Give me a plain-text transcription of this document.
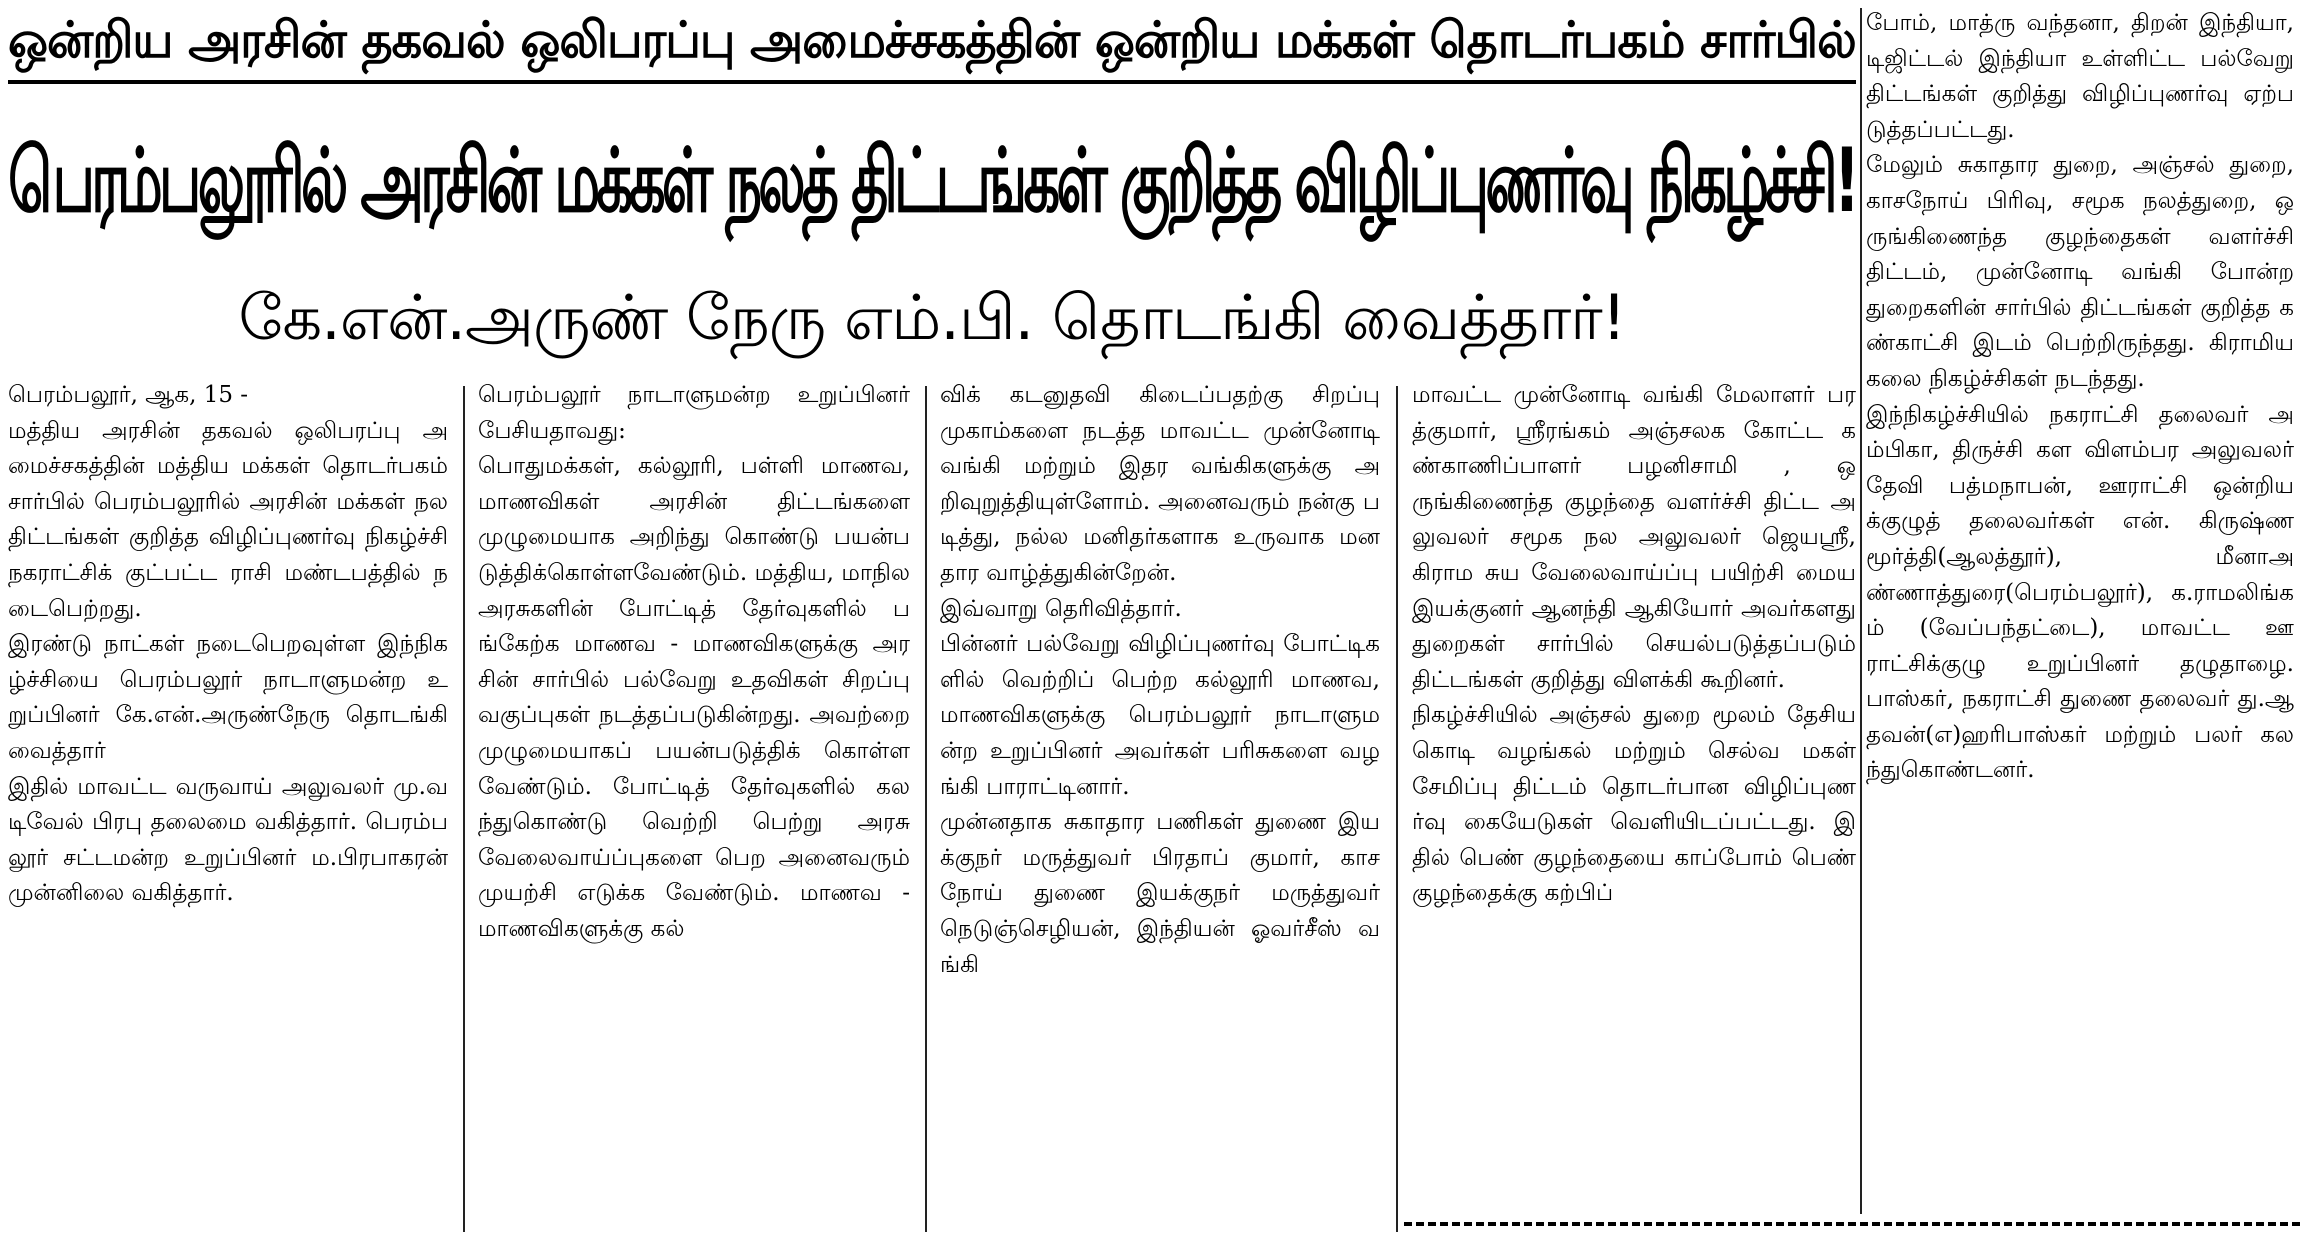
ஒன்றிய அரசின் தகவல் ஒலிபரப்பு அமைச்சகத்தின் ஒன்றிய மக்கள் தொடர்பகம் சார்பில்
பெரம்பலூரில் அரசின் மக்கள் நலத் திட்டங்கள் குறித்த விழிப்புணர்வு நிகழ்ச்சி!
கே.என்.அருண் நேரு எம்.பி. தொடங்கி வைத்தார்!
பெரம்பலூர், ஆக, 15 -
மத்திய அரசின் தகவல் ஒலிபரப்பு அமைச்சகத்தின் மத்திய மக்கள் தொடர்பகம் சார்பில் பெரம்பலூரில் அரசின் மக்கள் நல திட்டங்கள் குறித்த விழிப்புணர்வு நிகழ்ச்சி நகராட்சிக் குட்பட்ட ராசி மண்டபத்தில் நடைபெற்றது.
இரண்டு நாட்கள் நடைபெறவுள்ள இந்நிகழ்ச்சியை பெரம்பலூர் நாடாளுமன்ற உறுப்பினர் கே.என்.அருண்நேரு தொடங்கி வைத்தார்
இதில் மாவட்ட வருவாய் அலுவலர் மு.வடிவேல் பிரபு தலைமை வகித்தார். பெரம்பலூர் சட்டமன்ற உறுப்பினர் ம.பிரபாகரன் முன்னிலை வகித்தார்.
பெரம்பலூர் நாடாளுமன்ற உறுப்பினர் பேசியதாவது:
பொதுமக்கள், கல்லூரி, பள்ளி மாணவ, மாணவிகள் அரசின் திட்டங்களை முழுமையாக அறிந்து கொண்டு பயன்படுத்திக்கொள்ளவேண்டும். மத்திய, மாநில அரசுகளின் போட்டித் தேர்வுகளில் பங்கேற்க மாணவ - மாணவிகளுக்கு அரசின் சார்பில் பல்வேறு உதவிகள் சிறப்பு வகுப்புகள் நடத்தப்படுகின்றது. அவற்றை முழுமையாகப் பயன்படுத்திக் கொள்ள வேண்டும். போட்டித் தேர்வுகளில் கலந்துகொண்டு வெற்றி பெற்று அரசு வேலைவாய்ப்புகளை பெற அனைவரும் முயற்சி எடுக்க வேண்டும். மாணவ - மாணவிகளுக்கு கல்
விக் கடனுதவி கிடைப்பதற்கு சிறப்பு முகாம்களை நடத்த மாவட்ட முன்னோடி வங்கி மற்றும் இதர வங்கிகளுக்கு அறிவுறுத்தியுள்ளோம். அனைவரும் நன்கு படித்து, நல்ல மனிதர்களாக உருவாக மனதார வாழ்த்துகின்றேன்.
இவ்வாறு தெரிவித்தார்.
பின்னர் பல்வேறு விழிப்புணர்வு போட்டிகளில் வெற்றிப் பெற்ற கல்லூரி மாணவ, மாணவிகளுக்கு பெரம்பலூர் நாடாளுமன்ற உறுப்பினர் அவர்கள் பரிசுகளை வழங்கி பாராட்டினார்.
முன்னதாக சுகாதார பணிகள் துணை இயக்குநர் மருத்துவர் பிரதாப் குமார், காசநோய் துணை இயக்குநர் மருத்துவர் நெடுஞ்செழியன், இந்தியன் ஓவர்சீஸ் வங்கி
மாவட்ட முன்னோடி வங்கி மேலாளர் பரத்குமார், ஸ்ரீரங்கம் அஞ்சலக கோட்ட கண்காணிப்பாளர் பழனிசாமி , ஒருங்கிணைந்த குழந்தை வளர்ச்சி திட்ட அலுவலர் சமூக நல அலுவலர் ஜெயஸ்ரீ, கிராம சுய வேலைவாய்ப்பு பயிற்சி மைய இயக்குனர் ஆனந்தி ஆகியோர் அவர்களது துறைகள் சார்பில் செயல்படுத்தப்படும் திட்டங்கள் குறித்து விளக்கி கூறினர்.
நிகழ்ச்சியில் அஞ்சல் துறை மூலம் தேசிய கொடி வழங்கல் மற்றும் செல்வ மகள் சேமிப்பு திட்டம் தொடர்பான விழிப்புணர்வு கையேடுகள் வெளியிடப்பட்டது. இதில் பெண் குழந்தையை காப்போம் பெண் குழந்தைக்கு கற்பிப்
போம், மாத்ரு வந்தனா, திறன் இந்தியா, டிஜிட்டல் இந்தியா உள்ளிட்ட பல்வேறு திட்டங்கள் குறித்து விழிப்புணர்வு ஏற்படுத்தப்பட்டது.
மேலும் சுகாதார துறை, அஞ்சல் துறை, காசநோய் பிரிவு, சமூக நலத்துறை, ஒருங்கிணைந்த குழந்தைகள் வளர்ச்சி திட்டம், முன்னோடி வங்கி போன்ற துறைகளின் சார்பில் திட்டங்கள் குறித்த கண்காட்சி இடம் பெற்றிருந்தது. கிராமிய கலை நிகழ்ச்சிகள் நடந்தது.
இந்நிகழ்ச்சியில் நகராட்சி தலைவர் அம்பிகா, திருச்சி கள விளம்பர அலுவலர் தேவி பத்மநாபன், ஊராட்சி ஒன்றியக்குழுத் தலைவர்கள் என். கிருஷ்ணமூர்த்தி(ஆலத்தூர்), மீனாஅண்ணாத்துரை(பெரம்பலூர்), க.ராமலிங்கம் (வேப்பந்தட்டை), மாவட்ட ஊராட்சிக்குழு உறுப்பினர் தழுதாழை.பாஸ்கர், நகராட்சி துணை தலைவர் து.ஆதவன்(எ)ஹரிபாஸ்கர் மற்றும் பலர் கலந்துகொண்டனர்.
